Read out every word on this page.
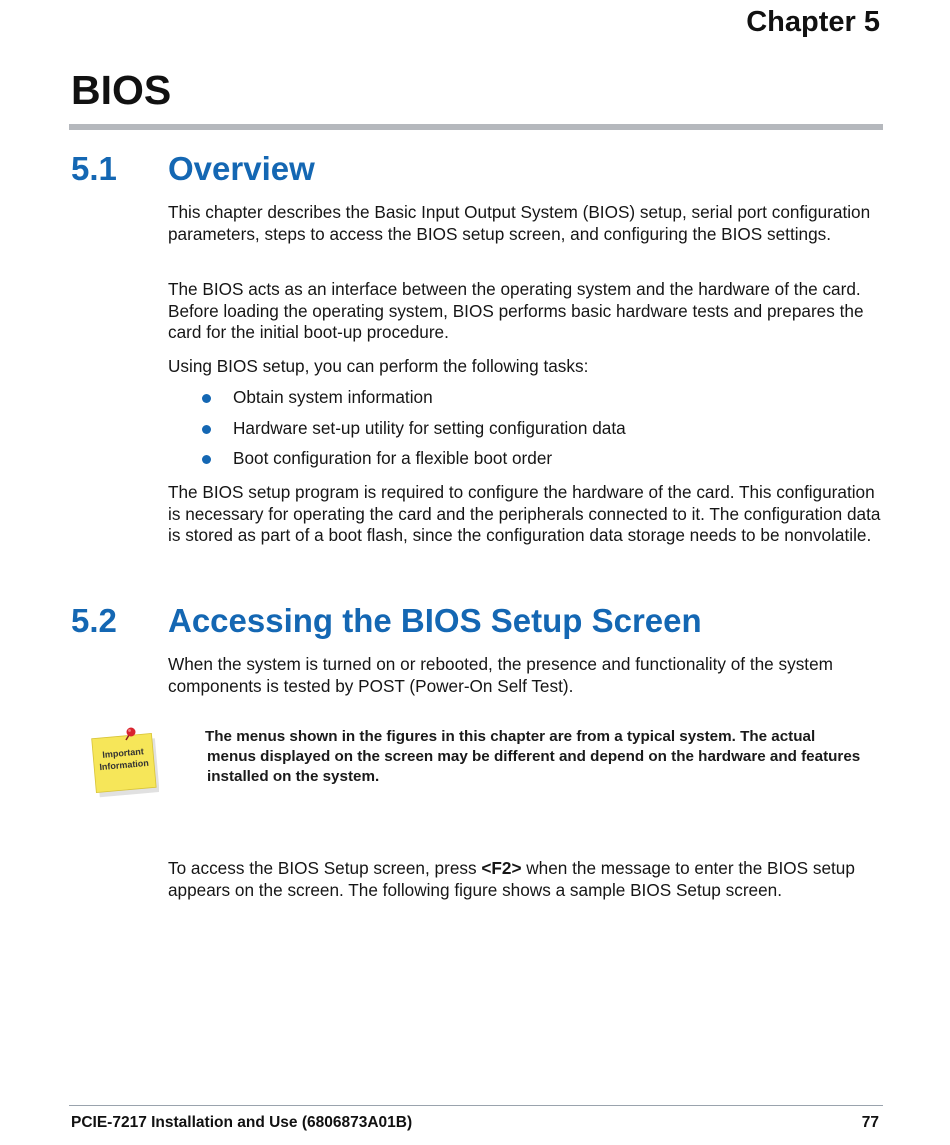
Chapter 5
BIOS
5.1 Overview

This chapter describes the Basic Input Output System (BIOS) setup, serial port configuration parameters, steps to access the BIOS setup screen, and configuring the BIOS settings.

The BIOS acts as an interface between the operating system and the hardware of the card. Before loading the operating system, BIOS performs basic hardware tests and prepares the card for the initial boot-up procedure.

Using BIOS setup, you can perform the following tasks:

Obtain system information
Hardware set-up utility for setting configuration data
Boot configuration for a flexible boot order

The BIOS setup program is required to configure the hardware of the card. This configuration is necessary for operating the card and the peripherals connected to it. The configuration data is stored as part of a boot flash, since the configuration data storage needs to be nonvolatile.

5.2 Accessing the BIOS Setup Screen

When the system is turned on or rebooted, the presence and functionality of the system components is tested by POST (Power-On Self Test).

Important
Information

The menus shown in the figures in this chapter are from a typical system. The actual
menus displayed on the screen may be different and depend on the hardware and features installed on the system.

To access the BIOS Setup screen, press <F2> when the message to enter the BIOS setup appears on the screen. The following figure shows a sample BIOS Setup screen.

PCIE-7217 Installation and Use (6806873A01B)	77
